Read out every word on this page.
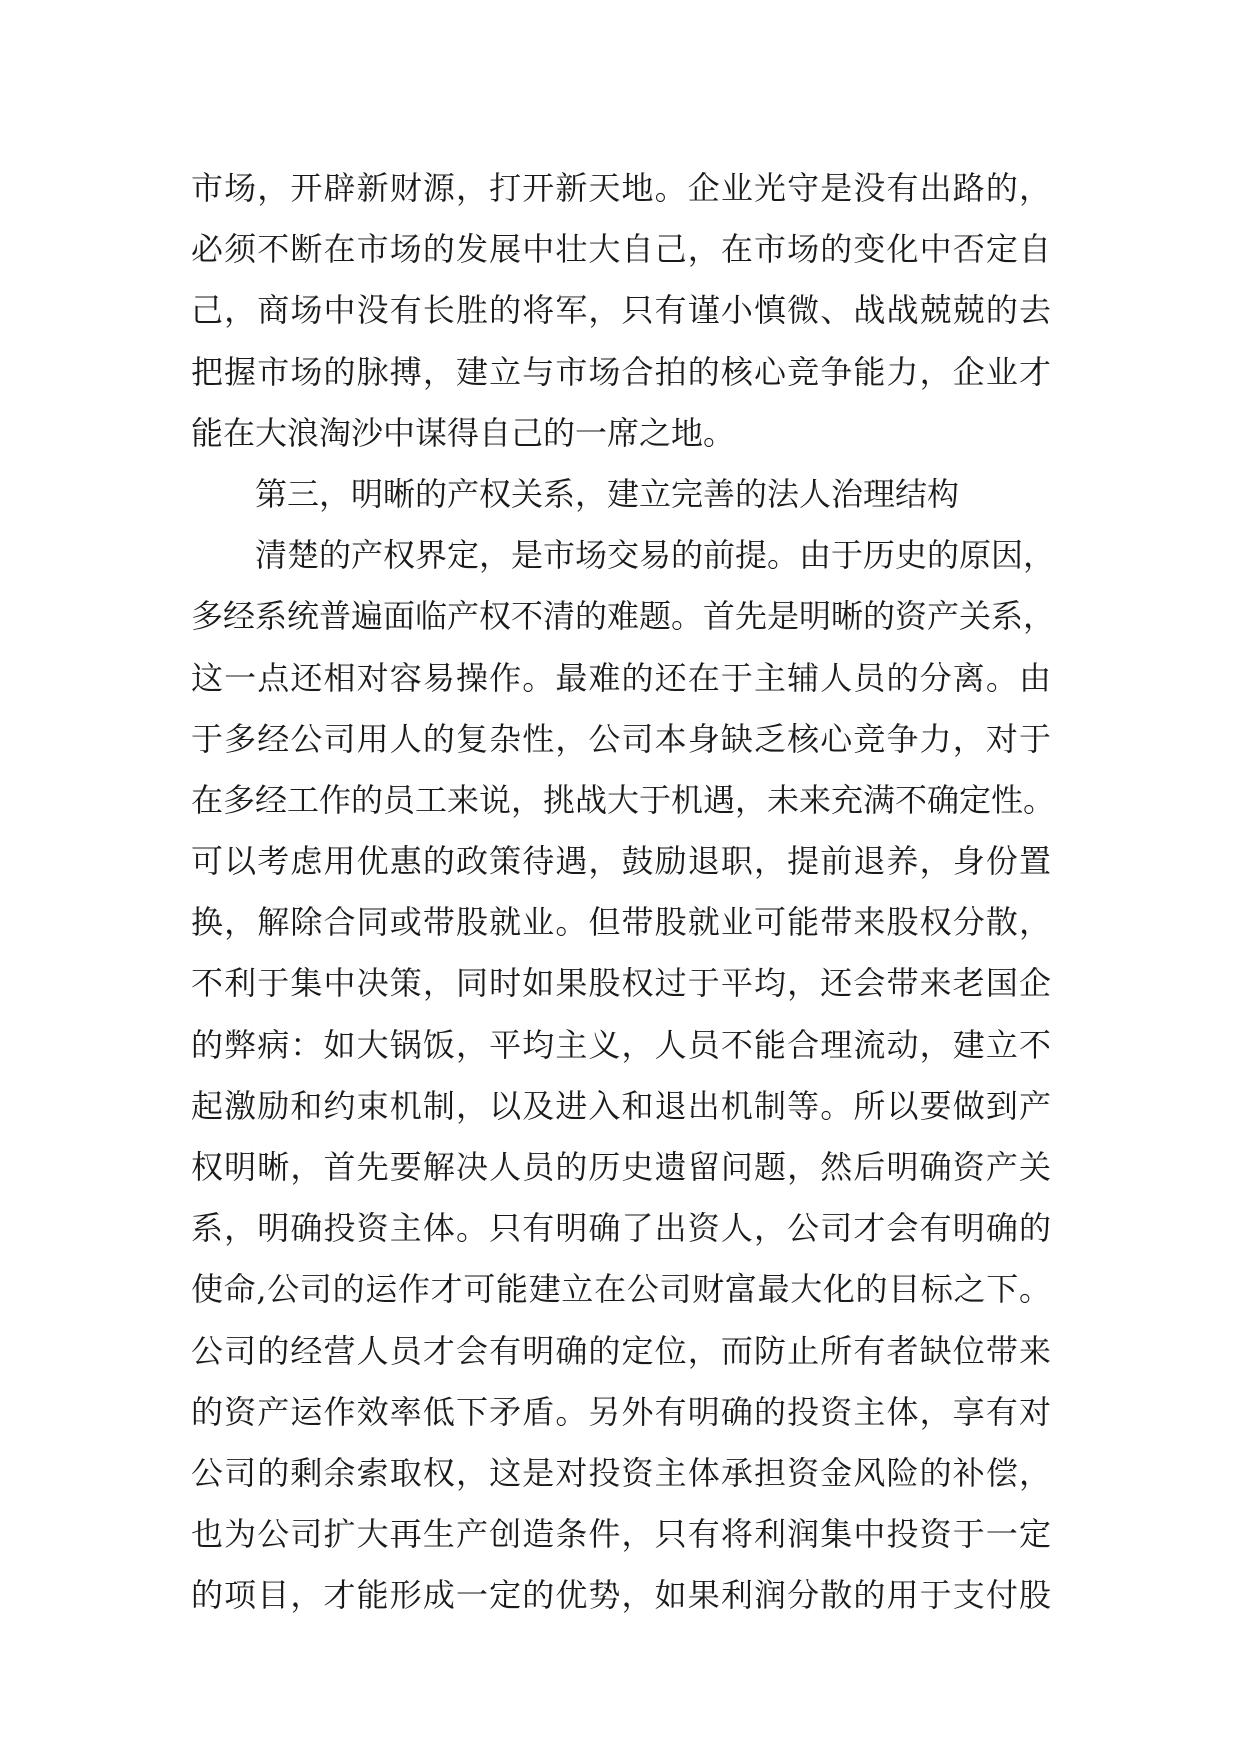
市场，开辟新财源，打开新天地。企业光守是没有出路的，
必须不断在市场的发展中壮大自己，在市场的变化中否定自
己，商场中没有长胜的将军，只有谨小慎微、战战兢兢的去
把握市场的脉搏，建立与市场合拍的核心竞争能力，企业才
能在大浪淘沙中谋得自己的一席之地。
第三，明晰的产权关系，建立完善的法人治理结构
清楚的产权界定，是市场交易的前提。由于历史的原因，
多经系统普遍面临产权不清的难题。首先是明晰的资产关系，
这一点还相对容易操作。最难的还在于主辅人员的分离。由
于多经公司用人的复杂性，公司本身缺乏核心竞争力，对于
在多经工作的员工来说，挑战大于机遇，未来充满不确定性。
可以考虑用优惠的政策待遇，鼓励退职，提前退养，身份置
换，解除合同或带股就业。但带股就业可能带来股权分散，
不利于集中决策，同时如果股权过于平均，还会带来老国企
的弊病：如大锅饭，平均主义，人员不能合理流动，建立不
起激励和约束机制，以及进入和退出机制等。所以要做到产
权明晰，首先要解决人员的历史遗留问题，然后明确资产关
系，明确投资主体。只有明确了出资人，公司才会有明确的
使命,公司的运作才可能建立在公司财富最大化的目标之下。
公司的经营人员才会有明确的定位，而防止所有者缺位带来
的资产运作效率低下矛盾。另外有明确的投资主体，享有对
公司的剩余索取权，这是对投资主体承担资金风险的补偿，
也为公司扩大再生产创造条件，只有将利润集中投资于一定
的项目，才能形成一定的优势，如果利润分散的用于支付股
